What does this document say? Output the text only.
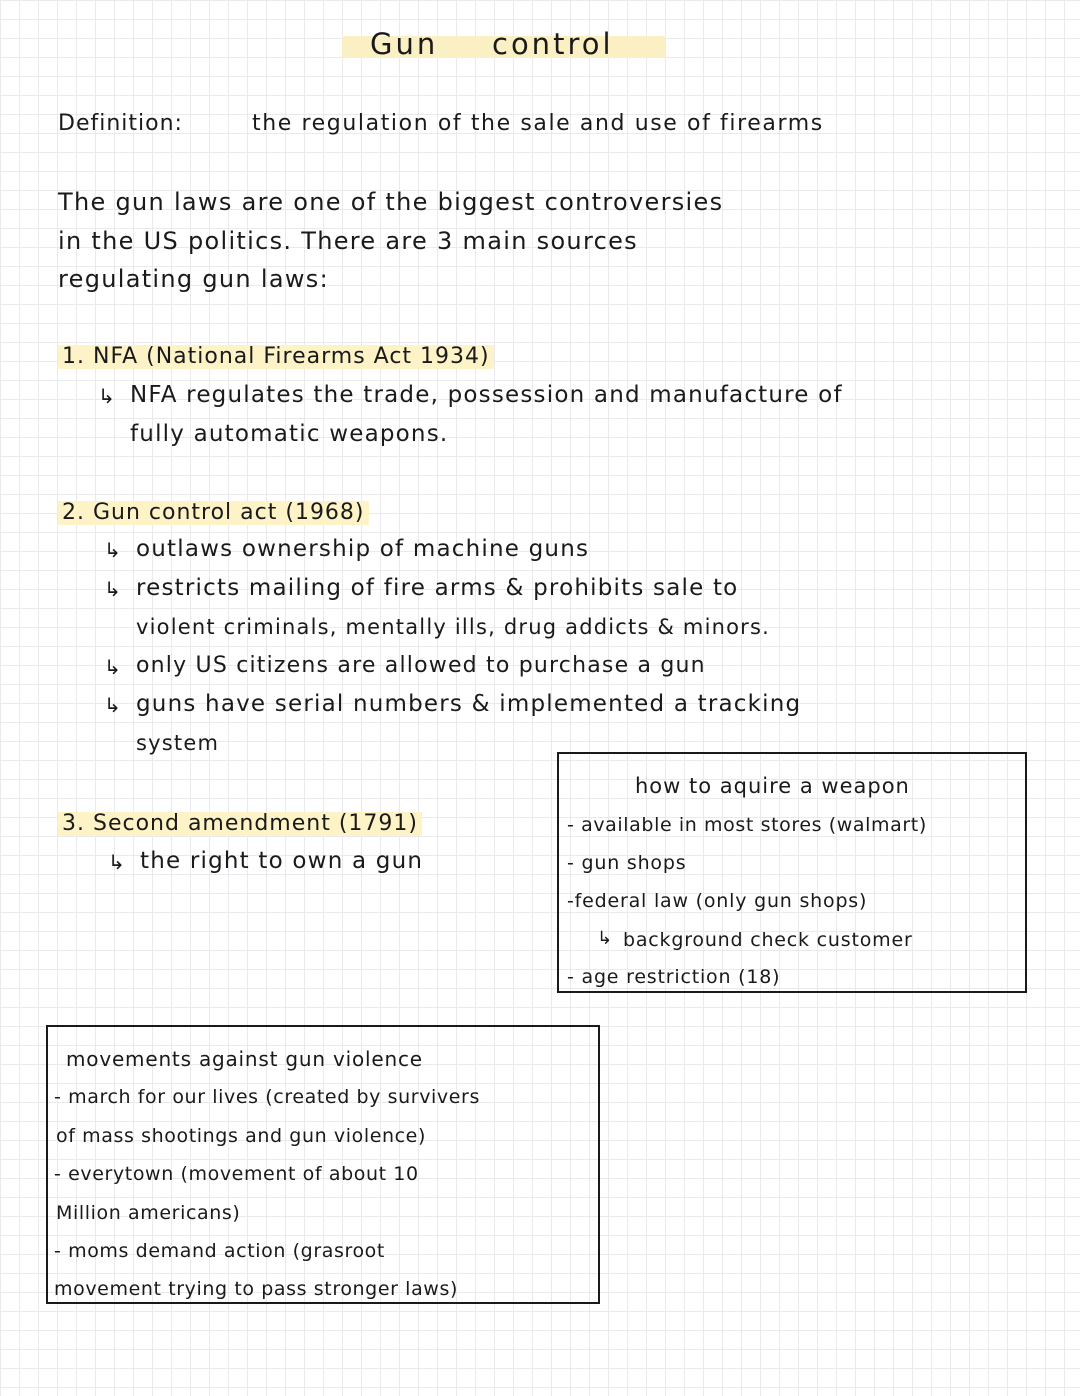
Gun control
Definition:	the regulation of the sale and use of firearms
The gun laws are one of the biggest controversies
in the US politics. There are 3 main sources
regulating gun laws:
1. NFA (National Firearms Act 1934)
↳ NFA regulates the trade, possession and manufacture of
fully automatic weapons.
2. Gun control act (1968)
↳ outlaws ownership of machine guns
↳ restricts mailing of fire arms & prohibits sale to
violent criminals, mentally ills, drug addicts & minors.
↳ only US citizens are allowed to purchase a gun
↳ guns have serial numbers & implemented a tracking
system
3. Second amendment (1791)
↳ the right to own a gun
how to aquire a weapon
- available in most stores (walmart)
- gun shops
-federal law (only gun shops)
↳ background check customer
- age restriction (18)
movements against gun violence
- march for our lives (created by survivers
of mass shootings and gun violence)
- everytown (movement of about 10
Million americans)
- moms demand action (grasroot
movement trying to pass stronger laws)
